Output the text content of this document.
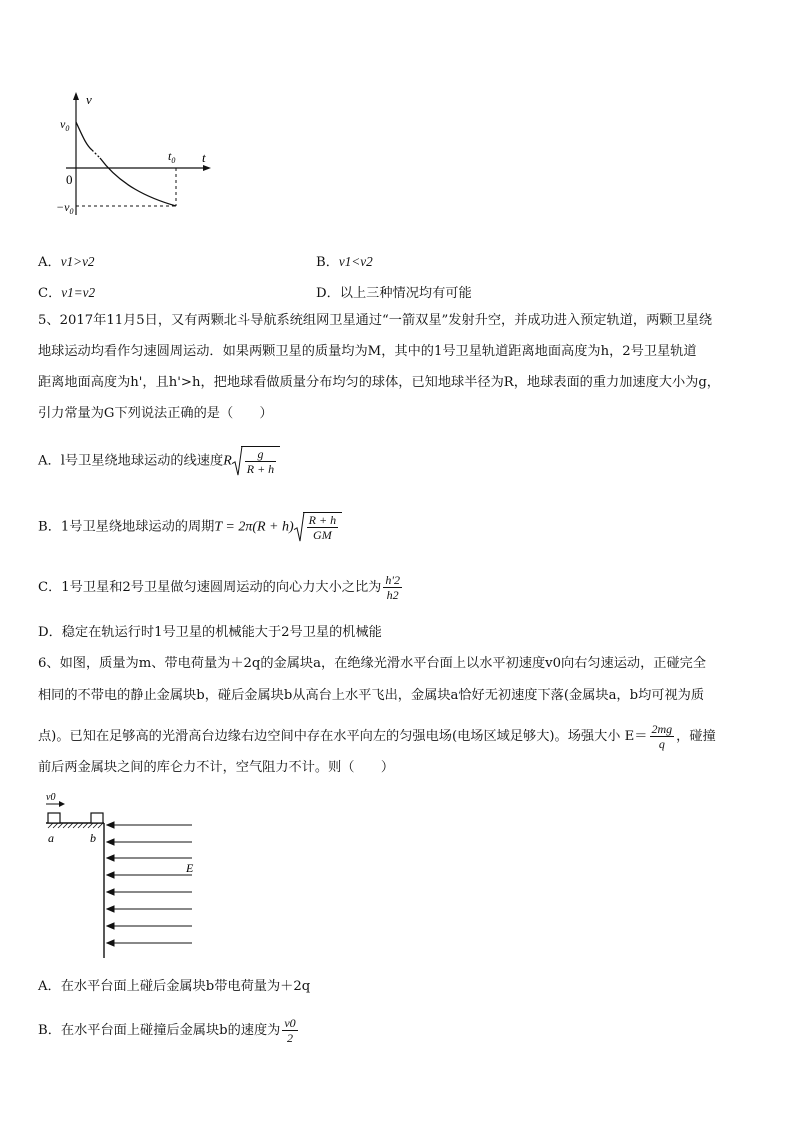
v
t
$v_0$
0
$t_0$
$-v_0$
A．v1>v2	B．v1<v2
C．v1=v2	D．以上三种情况均有可能
5、2017年11月5日，又有两颗北斗导航系统组网卫星通过“一箭双星”发射升空，并成功进入预定轨道，两颗卫星绕
地球运动均看作匀速圆周运动．如果两颗卫星的质量均为M，其中的1号卫星轨道距离地面高度为h，2号卫星轨道
距离地面高度为h'，且h'>h，把地球看做质量分布均匀的球体，已知地球半径为R，地球表面的重力加速度大小为g，
引力常量为G下列说法正确的是（　　）
A．l号卫星绕地球运动的线速度R $\frac{g}{R + h}$
B．1号卫星绕地球运动的周期$T = 2\pi(R + h) \frac{R + h}{GM}$
C．1号卫星和2号卫星做匀速圆周运动的向心力大小之比为 $\frac{h'2}{h2}$
D．稳定在轨运行时1号卫星的机械能大于2号卫星的机械能
6、如图，质量为m、带电荷量为＋2q的金属块a，在绝缘光滑水平台面上以水平初速度v0向右匀速运动，正碰完全
相同的不带电的静止金属块b，碰后金属块b从高台上水平飞出，金属块a恰好无初速度下落(金属块a，b均可视为质
点)。已知在足够高的光滑高台边缘右边空间中存在水平向左的匀强电场(电场区域足够大)。场强大小 $E= \frac{2mg}{q}$ ，碰撞
前后两金属块之间的库仑力不计，空气阻力不计。则（　　）
v0
a	b
E
A．在水平台面上碰后金属块b带电荷量为＋2q
B．在水平台面上碰撞后金属块b的速度为 $\frac{v0}{2}$
